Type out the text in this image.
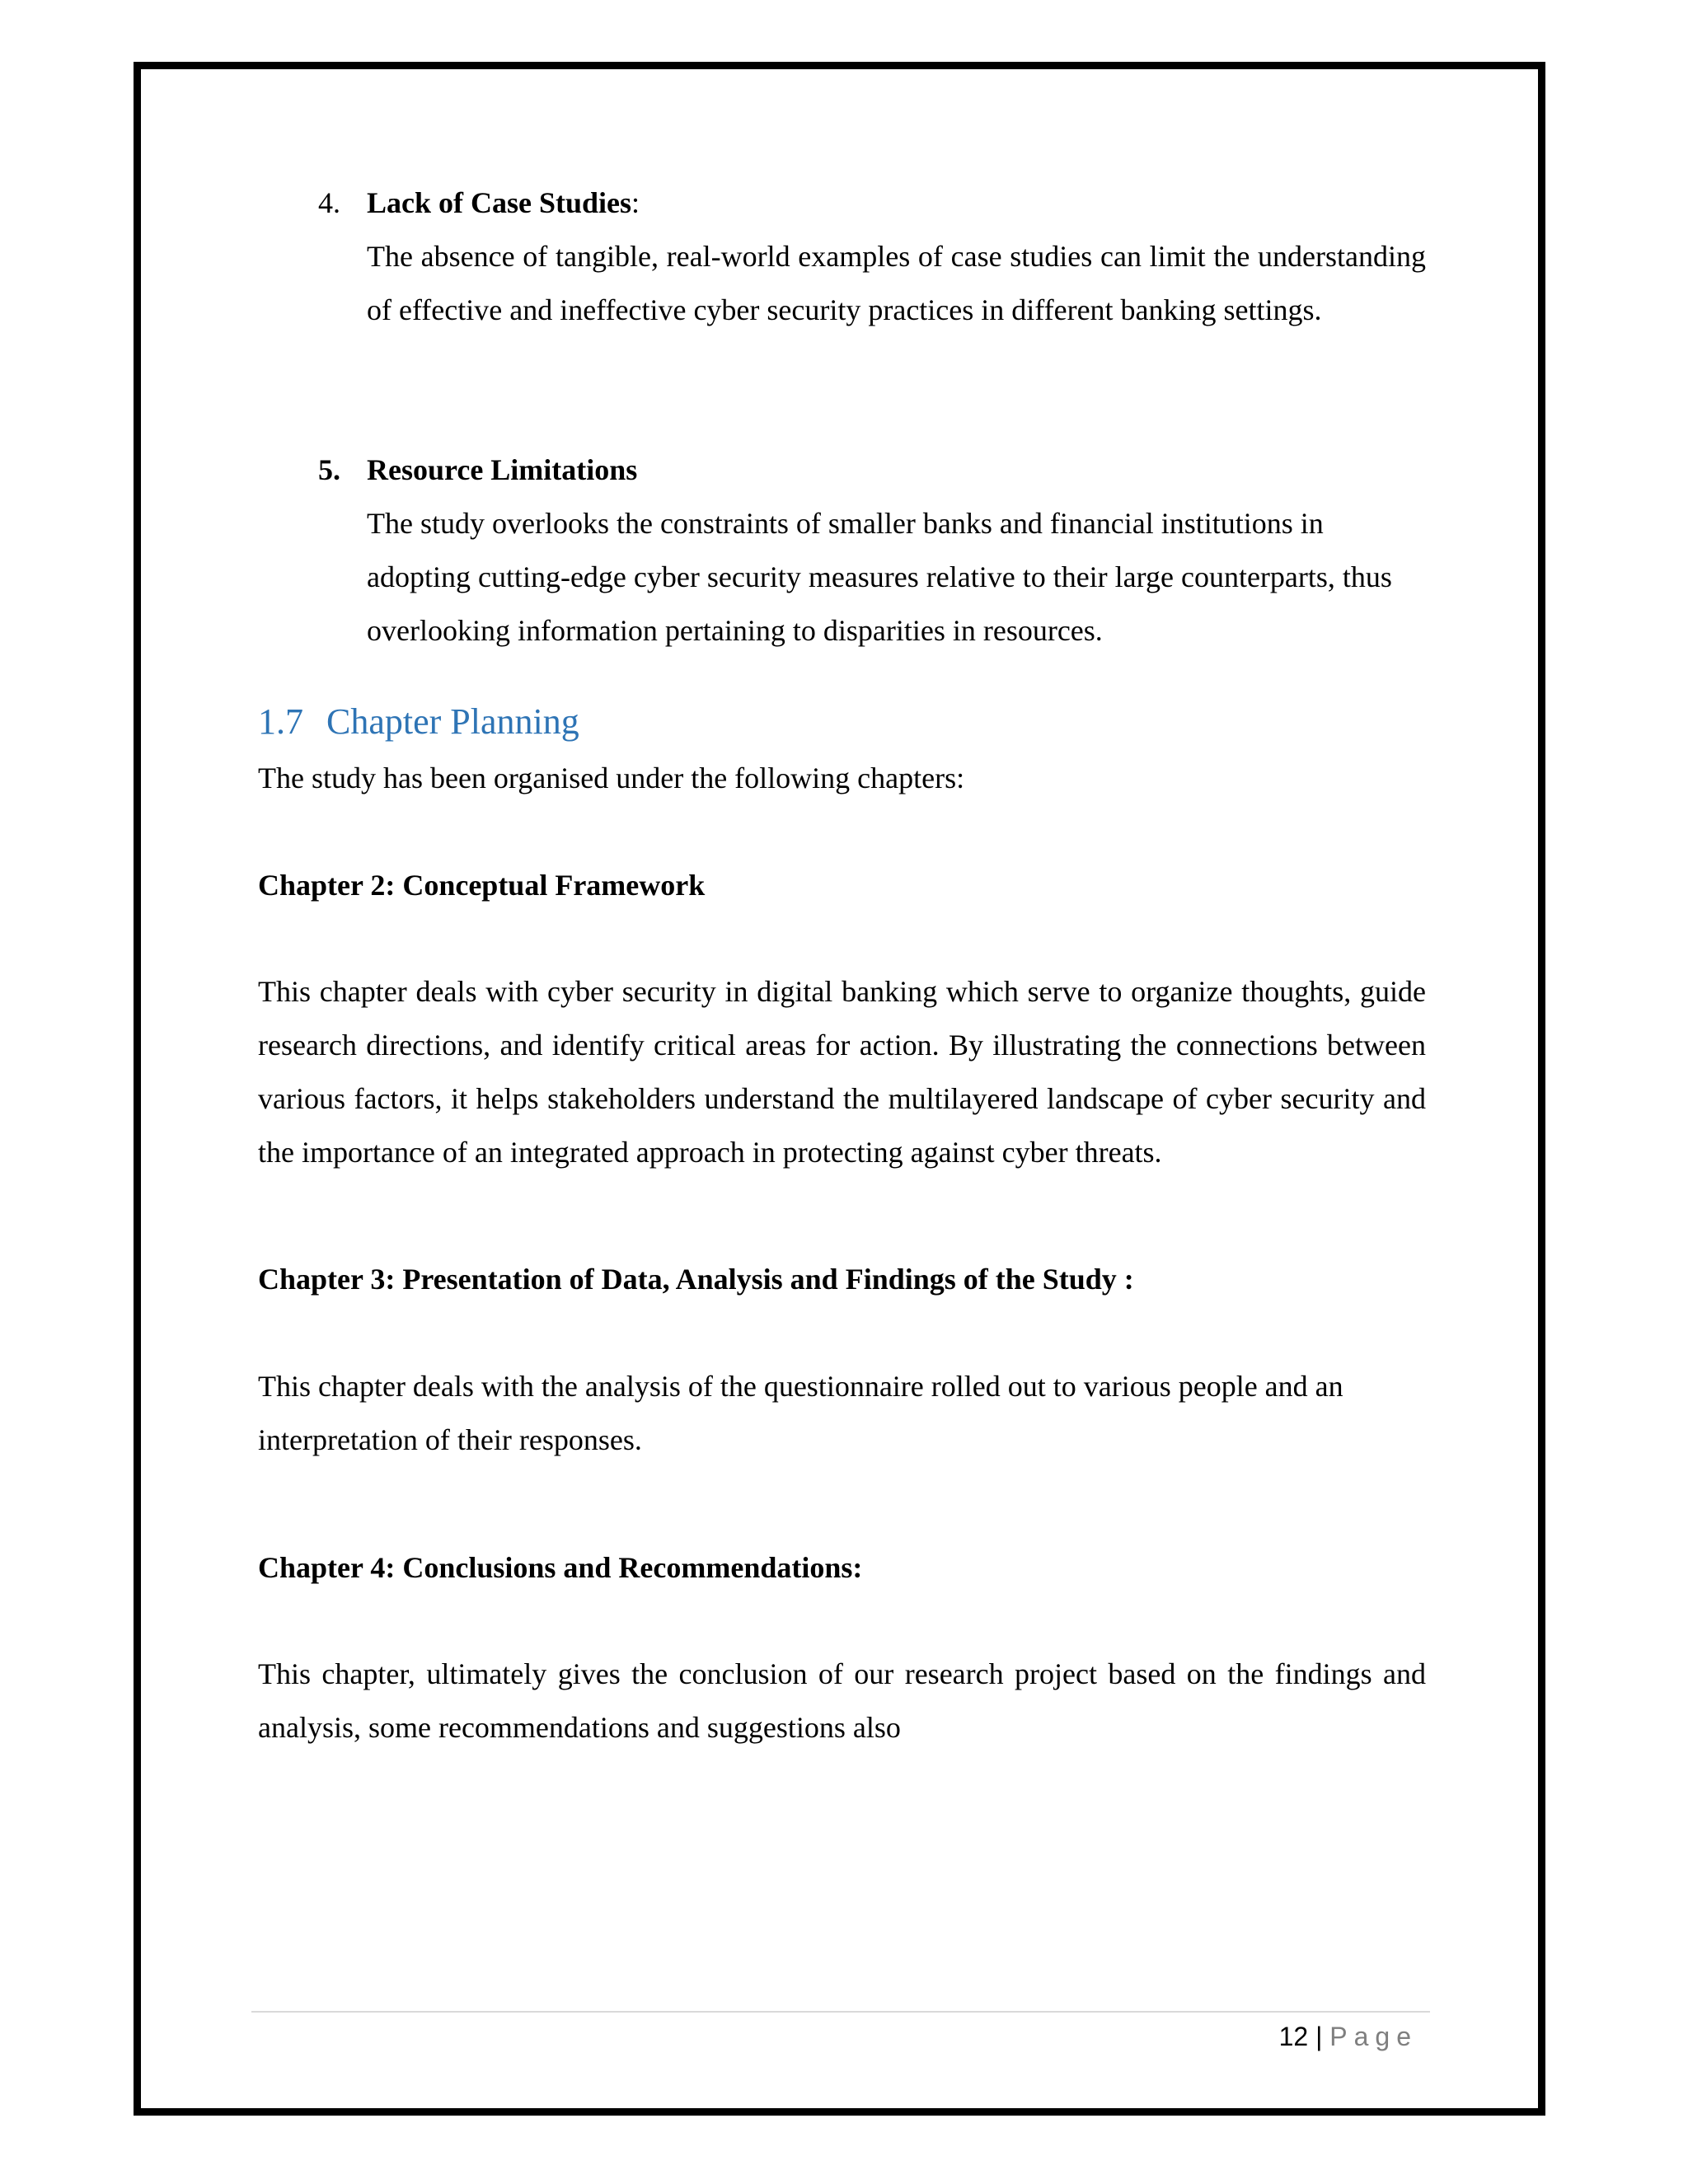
4. Lack of Case Studies:

The absence of tangible, real-world examples of case studies can limit the understanding of effective and ineffective cyber security practices in different banking settings.

5. Resource Limitations

The study overlooks the constraints of smaller banks and financial institutions in adopting cutting-edge cyber security measures relative to their large counterparts, thus overlooking information pertaining to disparities in resources.

1.7 Chapter Planning

The study has been organised under the following chapters:

Chapter 2: Conceptual Framework

This chapter deals with cyber security in digital banking which serve to organize thoughts, guide research directions, and identify critical areas for action. By illustrating the connections between various factors, it helps stakeholders understand the multilayered landscape of cyber security and the importance of an integrated approach in protecting against cyber threats.

Chapter 3: Presentation of Data, Analysis and Findings of the Study :

This chapter deals with the analysis of the questionnaire rolled out to various people and an interpretation of their responses.

Chapter 4: Conclusions and Recommendations:

This chapter, ultimately gives the conclusion of our research project based on the findings and analysis, some recommendations and suggestions also

12 | Page
